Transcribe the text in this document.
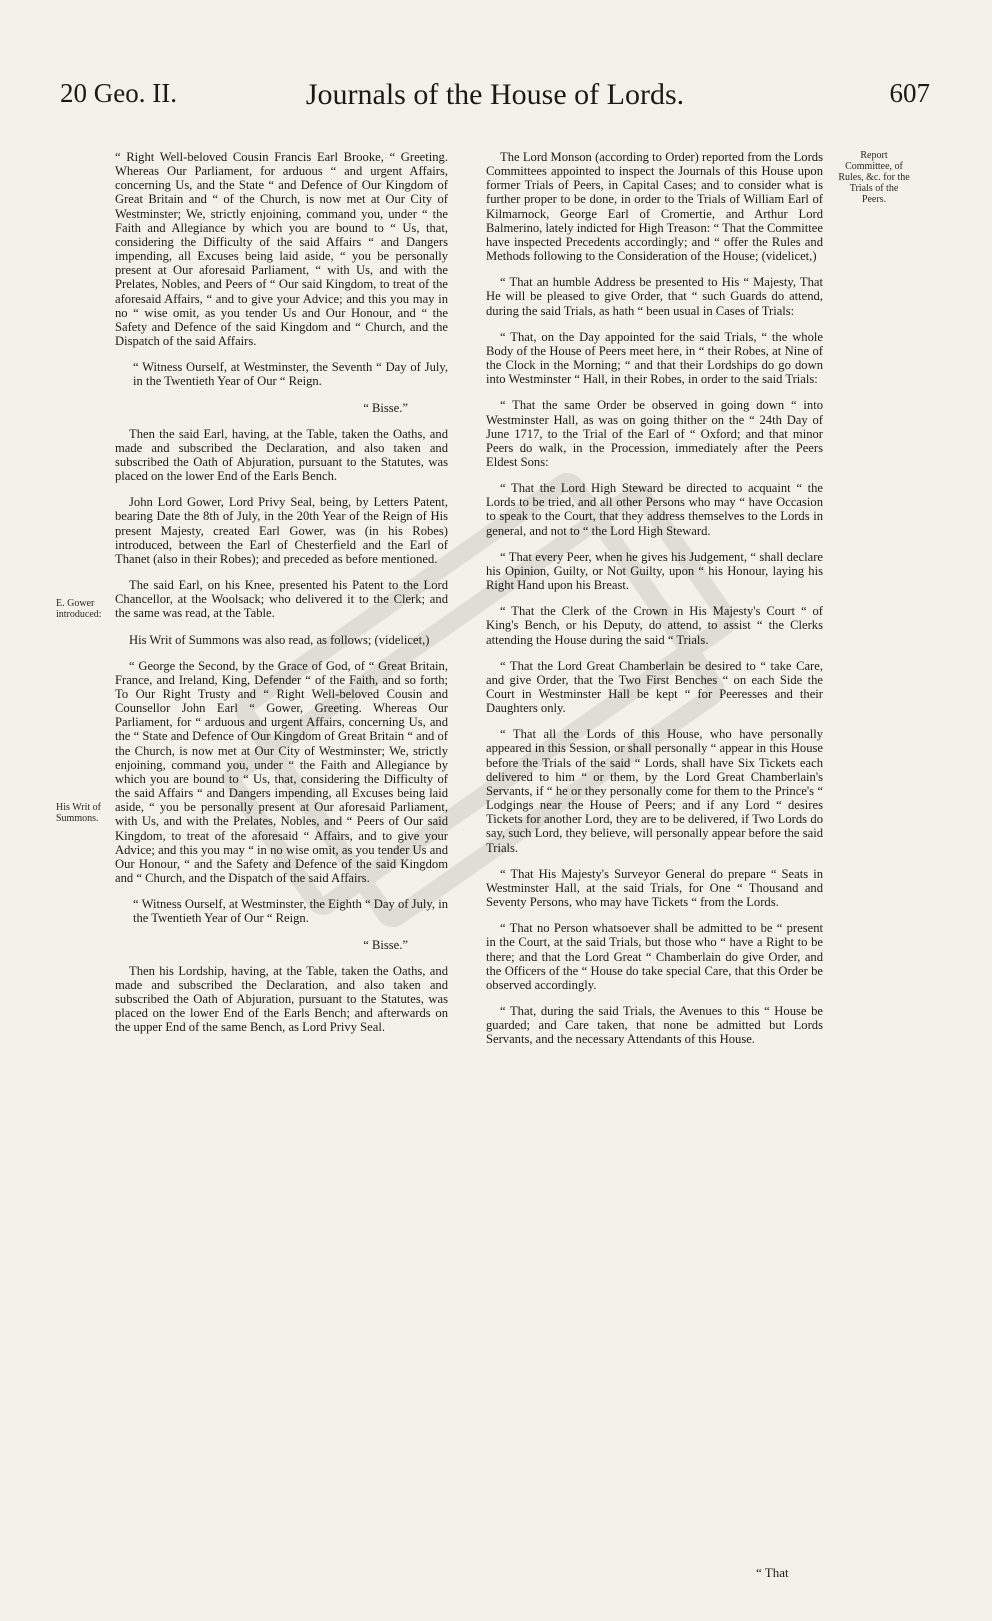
20 Geo. II.	Journals of the House of Lords.	607
E. Gower introduced:
His Writ of Summons.
Report Committee, of Rules, &c. for the Trials of the Peers.

“ Right Well-beloved Cousin Francis Earl Brooke, “ Greeting. Whereas Our Parliament, for arduous “ and urgent Affairs, concerning Us, and the State “ and Defence of Our Kingdom of Great Britain and “ of the Church, is now met at Our City of Westminster; We, strictly enjoining, command you, under “ the Faith and Allegiance by which you are bound to “ Us, that, considering the Difficulty of the said Affairs “ and Dangers impending, all Excuses being laid aside, “ you be personally present at Our aforesaid Parliament, “ with Us, and with the Prelates, Nobles, and Peers of “ Our said Kingdom, to treat of the aforesaid Affairs, “ and to give your Advice; and this you may in no “ wise omit, as you tender Us and Our Honour, and “ the Safety and Defence of the said Kingdom and “ Church, and the Dispatch of the said Affairs.

“ Witness Ourself, at Westminster, the Seventh “ Day of July, in the Twentieth Year of Our “ Reign.

“ Bisse.”

Then the said Earl, having, at the Table, taken the Oaths, and made and subscribed the Declaration, and also taken and subscribed the Oath of Abjuration, pursuant to the Statutes, was placed on the lower End of the Earls Bench.

John Lord Gower, Lord Privy Seal, being, by Letters Patent, bearing Date the 8th of July, in the 20th Year of the Reign of His present Majesty, created Earl Gower, was (in his Robes) introduced, between the Earl of Chesterfield and the Earl of Thanet (also in their Robes); and preceded as before mentioned.

The said Earl, on his Knee, presented his Patent to the Lord Chancellor, at the Woolsack; who delivered it to the Clerk; and the same was read, at the Table.

His Writ of Summons was also read, as follows; (videlicet,)

“ George the Second, by the Grace of God, of “ Great Britain, France, and Ireland, King, Defender “ of the Faith, and so forth; To Our Right Trusty and “ Right Well-beloved Cousin and Counsellor John Earl “ Gower, Greeting. Whereas Our Parliament, for “ arduous and urgent Affairs, concerning Us, and the “ State and Defence of Our Kingdom of Great Britain “ and of the Church, is now met at Our City of Westminster; We, strictly enjoining, command you, under “ the Faith and Allegiance by which you are bound to “ Us, that, considering the Difficulty of the said Affairs “ and Dangers impending, all Excuses being laid aside, “ you be personally present at Our aforesaid Parliament, with Us, and with the Prelates, Nobles, and “ Peers of Our said Kingdom, to treat of the aforesaid “ Affairs, and to give your Advice; and this you may “ in no wise omit, as you tender Us and Our Honour, “ and the Safety and Defence of the said Kingdom and “ Church, and the Dispatch of the said Affairs.

“ Witness Ourself, at Westminster, the Eighth “ Day of July, in the Twentieth Year of Our “ Reign.

“ Bisse.”

Then his Lordship, having, at the Table, taken the Oaths, and made and subscribed the Declaration, and also taken and subscribed the Oath of Abjuration, pursuant to the Statutes, was placed on the lower End of the Earls Bench; and afterwards on the upper End of the same Bench, as Lord Privy Seal.

The Lord Monson (according to Order) reported from the Lords Committees appointed to inspect the Journals of this House upon former Trials of Peers, in Capital Cases; and to consider what is further proper to be done, in order to the Trials of William Earl of Kilmarnock, George Earl of Cromertie, and Arthur Lord Balmerino, lately indicted for High Treason: “ That the Committee have inspected Precedents accordingly; and “ offer the Rules and Methods following to the Consideration of the House; (videlicet,)

“ That an humble Address be presented to His “ Majesty, That He will be pleased to give Order, that “ such Guards do attend, during the said Trials, as hath “ been usual in Cases of Trials:

“ That, on the Day appointed for the said Trials, “ the whole Body of the House of Peers meet here, in “ their Robes, at Nine of the Clock in the Morning; “ and that their Lordships do go down into Westminster “ Hall, in their Robes, in order to the said Trials:

“ That the same Order be observed in going down “ into Westminster Hall, as was on going thither on the “ 24th Day of June 1717, to the Trial of the Earl of “ Oxford; and that minor Peers do walk, in the Procession, immediately after the Peers Eldest Sons:

“ That the Lord High Steward be directed to acquaint “ the Lords to be tried, and all other Persons who may “ have Occasion to speak to the Court, that they address themselves to the Lords in general, and not to “ the Lord High Steward.

“ That every Peer, when he gives his Judgement, “ shall declare his Opinion, Guilty, or Not Guilty, upon “ his Honour, laying his Right Hand upon his Breast.

“ That the Clerk of the Crown in His Majesty's Court “ of King's Bench, or his Deputy, do attend, to assist “ the Clerks attending the House during the said “ Trials.

“ That the Lord Great Chamberlain be desired to “ take Care, and give Order, that the Two First Benches “ on each Side the Court in Westminster Hall be kept “ for Peeresses and their Daughters only.

“ That all the Lords of this House, who have personally appeared in this Session, or shall personally “ appear in this House before the Trials of the said “ Lords, shall have Six Tickets each delivered to him “ or them, by the Lord Great Chamberlain's Servants, if “ he or they personally come for them to the Prince's “ Lodgings near the House of Peers; and if any Lord “ desires Tickets for another Lord, they are to be delivered, if Two Lords do say, such Lord, they believe, will personally appear before the said Trials.

“ That His Majesty's Surveyor General do prepare “ Seats in Westminster Hall, at the said Trials, for One “ Thousand and Seventy Persons, who may have Tickets “ from the Lords.

“ That no Person whatsoever shall be admitted to be “ present in the Court, at the said Trials, but those who “ have a Right to be there; and that the Lord Great “ Chamberlain do give Order, and the Officers of the “ House do take special Care, that this Order be observed accordingly.

“ That, during the said Trials, the Avenues to this “ House be guarded; and Care taken, that none be admitted but Lords Servants, and the necessary Attendants of this House.

“ That
